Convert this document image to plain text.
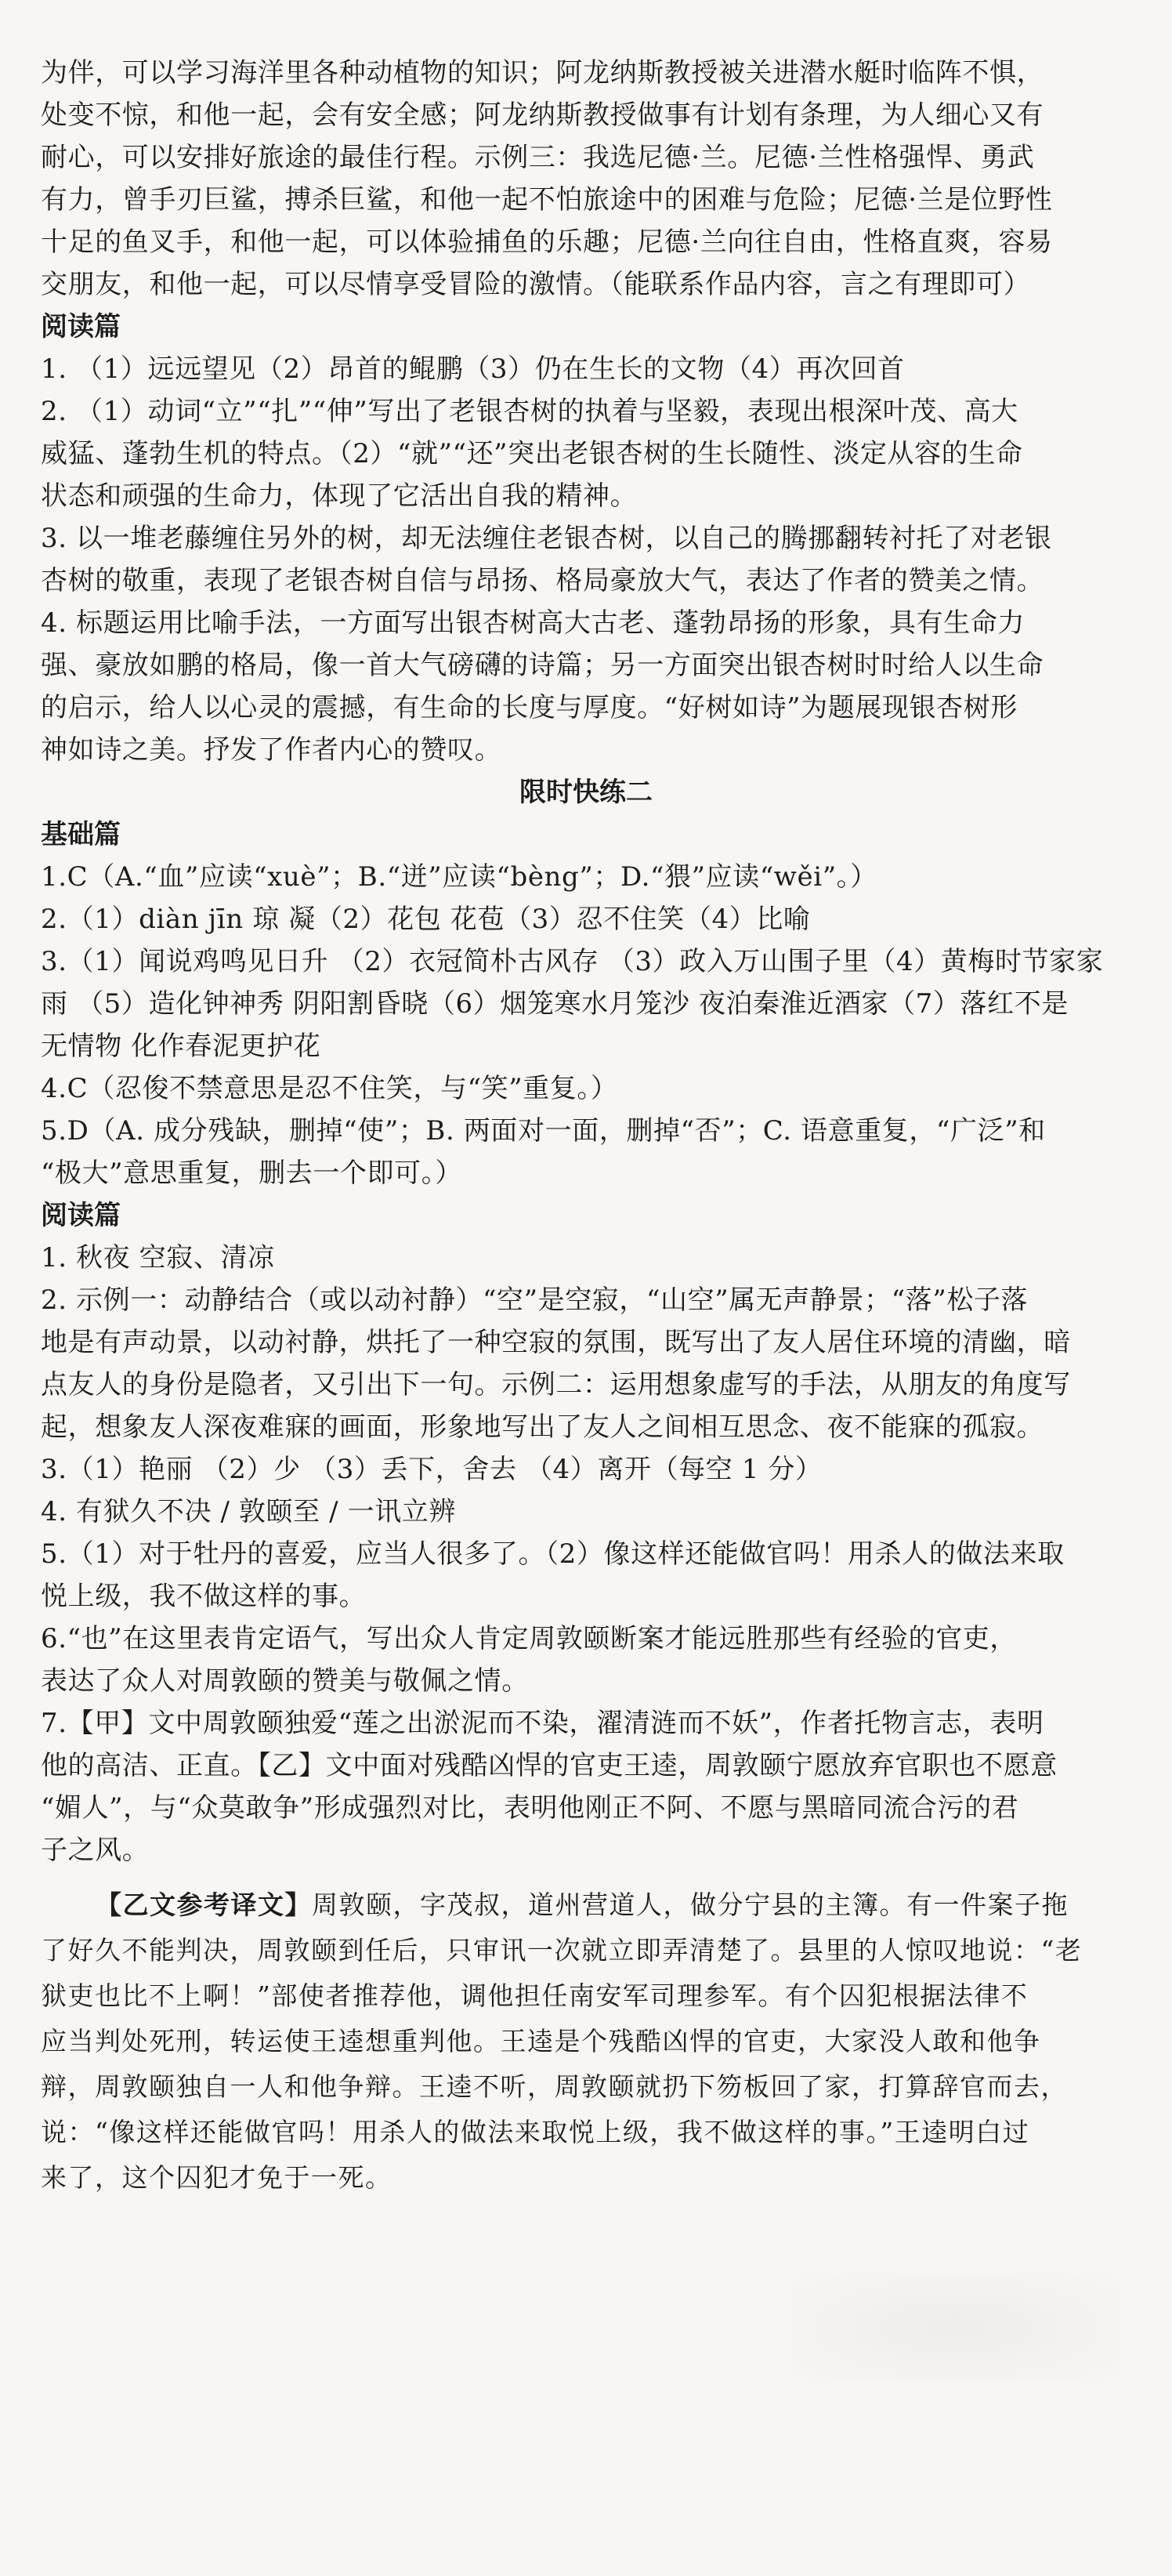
为伴，可以学习海洋里各种动植物的知识；阿龙纳斯教授被关进潜水艇时临阵不惧，
处变不惊，和他一起，会有安全感；阿龙纳斯教授做事有计划有条理，为人细心又有
耐心，可以安排好旅途的最佳行程。示例三：我选尼德·兰。尼德·兰性格强悍、勇武
有力，曾手刃巨鲨，搏杀巨鲨，和他一起不怕旅途中的困难与危险；尼德·兰是位野性
十足的鱼叉手，和他一起，可以体验捕鱼的乐趣；尼德·兰向往自由，性格直爽，容易
交朋友，和他一起，可以尽情享受冒险的激情。（能联系作品内容，言之有理即可）
阅读篇
1. （1）远远望见（2）昂首的鲲鹏（3）仍在生长的文物（4）再次回首
2. （1）动词“立”“扎”“伸”写出了老银杏树的执着与坚毅，表现出根深叶茂、高大
威猛、蓬勃生机的特点。（2）“就”“还”突出老银杏树的生长随性、淡定从容的生命
状态和顽强的生命力，体现了它活出自我的精神。
3. 以一堆老藤缠住另外的树，却无法缠住老银杏树，以自己的腾挪翻转衬托了对老银
杏树的敬重，表现了老银杏树自信与昂扬、格局豪放大气，表达了作者的赞美之情。
4. 标题运用比喻手法，一方面写出银杏树高大古老、蓬勃昂扬的形象，具有生命力
强、豪放如鹏的格局，像一首大气磅礴的诗篇；另一方面突出银杏树时时给人以生命
的启示，给人以心灵的震撼，有生命的长度与厚度。“好树如诗”为题展现银杏树形
神如诗之美。抒发了作者内心的赞叹。
限时快练二
基础篇
1.C（A.“血”应读“xuè”；B.“迸”应读“bèng”；D.“猥”应读“wěi”。）
2.（1）diàn jīn 琼 凝（2）花包 花苞（3）忍不住笑（4）比喻
3.（1）闻说鸡鸣见日升 （2）衣冠简朴古风存 （3）政入万山围子里（4）黄梅时节家家
雨 （5）造化钟神秀 阴阳割昏晓（6）烟笼寒水月笼沙 夜泊秦淮近酒家（7）落红不是
无情物 化作春泥更护花
4.C（忍俊不禁意思是忍不住笑，与“笑”重复。）
5.D（A. 成分残缺，删掉“使”；B. 两面对一面，删掉“否”；C. 语意重复，“广泛”和
“极大”意思重复，删去一个即可。）
阅读篇
1. 秋夜 空寂、清凉
2. 示例一：动静结合（或以动衬静）“空”是空寂，“山空”属无声静景；“落”松子落
地是有声动景，以动衬静，烘托了一种空寂的氛围，既写出了友人居住环境的清幽，暗
点友人的身份是隐者，又引出下一句。示例二：运用想象虚写的手法，从朋友的角度写
起，想象友人深夜难寐的画面，形象地写出了友人之间相互思念、夜不能寐的孤寂。
3.（1）艳丽 （2）少 （3）丢下，舍去 （4）离开（每空 1 分）
4. 有狱久不决 / 敦颐至 / 一讯立辨
5.（1）对于牡丹的喜爱，应当人很多了。（2）像这样还能做官吗！用杀人的做法来取
悦上级，我不做这样的事。
6.“也”在这里表肯定语气，写出众人肯定周敦颐断案才能远胜那些有经验的官吏，
表达了众人对周敦颐的赞美与敬佩之情。
7.【甲】文中周敦颐独爱“莲之出淤泥而不染，濯清涟而不妖”，作者托物言志，表明
他的高洁、正直。【乙】文中面对残酷凶悍的官吏王逵，周敦颐宁愿放弃官职也不愿意
“媚人”，与“众莫敢争”形成强烈对比，表明他刚正不阿、不愿与黑暗同流合污的君
子之风。
【乙文参考译文】周敦颐，字茂叔，道州营道人，做分宁县的主簿。有一件案子拖
了好久不能判决，周敦颐到任后，只审讯一次就立即弄清楚了。县里的人惊叹地说：“老
狱吏也比不上啊！”部使者推荐他，调他担任南安军司理参军。有个囚犯根据法律不
应当判处死刑，转运使王逵想重判他。王逵是个残酷凶悍的官吏，大家没人敢和他争
辩，周敦颐独自一人和他争辩。王逵不听，周敦颐就扔下笏板回了家，打算辞官而去，
说：“像这样还能做官吗！用杀人的做法来取悦上级，我不做这样的事。”王逵明白过
来了，这个囚犯才免于一死。
